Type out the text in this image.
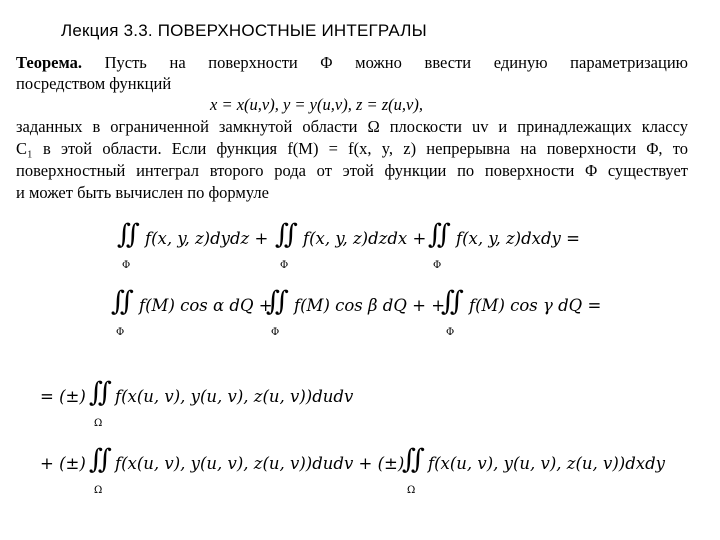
Лекция 3.3. ПОВЕРХНОСТНЫЕ ИНТЕГРАЛЫ
Теорема. Пусть на поверхности Φ можно ввести единую параметризацию
посредством функций
x = x(u,v), y = y(u,v), z = z(u,v),
заданных в ограниченной замкнутой области Ω плоскости uv и принадлежащих классу
C₁ в этой области. Если функция f(M) = f(x, y, z) непрерывна на поверхности Φ, то
поверхностный интеграл второго рода от этой функции по поверхности Φ существует
и может быть вычислен по формуле
∬
Φ
f(x, y, z)dydz + ∬
Φ
f(x, y, z)dzdx + ∬
Φ
f(x, y, z)dxdy =
∬
Φ
f(M) cos α dQ +
∬
Φ
f(M) cos β dQ + +
∬
Φ
f(M) cos γ dQ =
= (±) ∬
Ω
f(x(u, v), y(u, v), z(u, v))dudv
+ (±) ∬
Ω
f(x(u, v), y(u, v), z(u, v))dudv + (±)
∬
Ω
f(x(u, v), y(u, v), z(u, v))dxdy
